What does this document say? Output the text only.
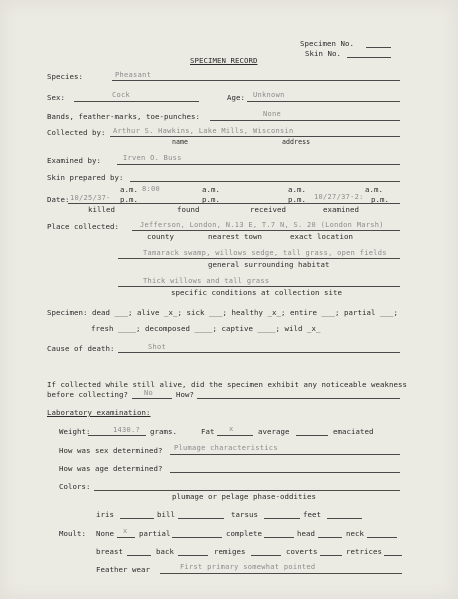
Specimen No.
Skin No.
SPECIMEN RECORD
Species:	Pheasant
Sex:	Cock	Age: Unknown
Bands, feather-marks, toe-punches:	None
Collected by: Arthur S. Hawkins, Lake Mills, Wisconsin
name	address
Examined by:	Irven O. Buss
Skin prepared by:
a.m. 8:00	a.m.	a.m.	a.m.
Date: 10/25/37- p.m.	p.m.	p.m. 10/27/37-2: p.m.
killed	found	received	examined
Place collected:	Jefferson, London, N.13 E, T.7 N, S. 20 (London Marsh)
county	nearest town	exact location
Tamarack swamp, willows sedge, tall grass, open fields
general surrounding habitat
Thick willows and tall grass
specific conditions at collection site
Specimen: dead ___; alive _x_; sick ___; healthy _x_; entire ___; partial ___;
fresh ____; decomposed ____; captive ____; wild _x_
Cause of death:	Shot
If collected while still alive, did the specimen exhibit any noticeable weakness
before collecting? No	How?
Laboratory examination:
Weight:	1430.? grams.	Fat x	average	emaciated
How was sex determined? Plumage characteristics
How was age determined?
Colors:
plumage or pelage phase-oddities
iris	bill	tarsus	feet
Moult: None x partial	complete	head	neck
breast	back	remiges	coverts	retrices
Feather wear	First primary somewhat pointed
